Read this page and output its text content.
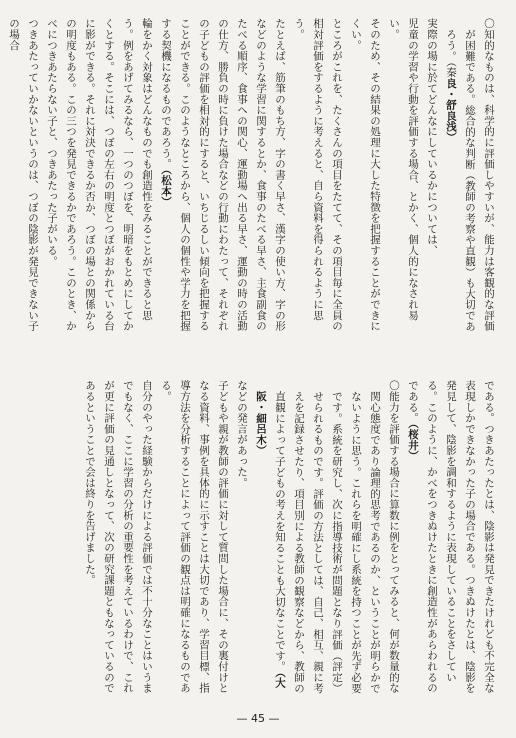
〇知的なものは、科学的に評価しやすいが、能力は客観的な評価が困難である。総合的な判断（教師の考察や直観）も大切であろう。（秦良・舒良浅）

実際の場に於てどんなにしているかについては、

児童の学習や行動を評価する場合、とかく、個人的になされ易い。

そのため、その結果の処理に大した特徴を把握することができにくい。

ところがこれを、たくさんの項目をたてて、その項目毎に全員の相対評価をするように考えると、自ら資料を得られるように思う。

たとえば、筋筆のもち方、字の書く早さ、漢字の使い方、字の形などのような学習に関するとか、食事のたべる早さ、主食副食のたべる順序、食事への関心、運動場へ出る早さ、運動の時の活動の仕方、勝負の時に負けた場合などの行動にわたって、それぞれの子どもの評価を相対的にすると、いちじるしい傾向を把握することができる。このようなところから、個人の個性や学力を把握する契機になるものであろう。（松本）

輪をかく対象はどんなものでも創造性をみることができると思う。例をあげてみるなら、一つのつぼを、明暗をもとめにしてかくとする。そこには、つぼの左右の明度とつぼがおかれている台に影ができる。それに対決できるか否か、つぼの場との関係からの明度もある。この三つを発見できるかであろう。このとき、かべにつきあたらない子と、つきあたった子がいる。

つきあたっていかないというのは、つぼの陰影が発見できない子の場合

である。つきあたったとは、陰影は発見できたけれども不完全な表現しかできなかった子の場合である。つきぬけたとは、陰影を発見して、陰影を調和するように表現していることをさしている。このように、かべをつきぬけたときに創造性があらわれるのである。（桜井）

〇能力を評価する場合に算数に例をとってみると、何が数量的な関心態度であり論理的思考であるのか、ということが明らかでないように思う。これらを明確にし系統を持つことが先ず必要です。系統を研究し、次に指導技術が問題となり評価（評定）せられるものです。評価の方法としては、自己、相互、親に考えを記録させたり、項目別による教師の観察などから、教師の直観によって子どもの考えを知ることも大切なことです。（大阪・細呂木）

などの発言があった。

子どもや親が教師の評価に対して質問した場合に、その裏付けとなる資料、事例を具体的に示すことは大切であり、学習目標、指導方法を分析することによって評価の観点は明確になるものである。

自分のやった経験からだけによる評価では不十分なことはいうまでもなく、ここに学習の分析の重要性を考えているわけで、これが更に評価の見通しとなって、次の研究課題ともなっているのであるということで会は終りを告げました。

— 45 —
